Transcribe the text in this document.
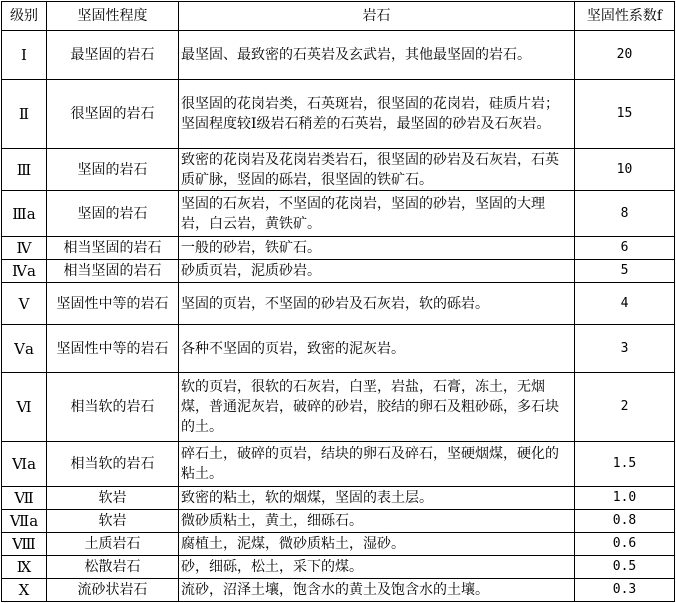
级别	坚固性程度	岩石	坚固性系数f
Ⅰ	最坚固的岩石	最坚固、最致密的石英岩及玄武岩，其他最坚固的岩石。	20
Ⅱ	很坚固的岩石	很坚固的花岗岩类，石英斑岩，很坚固的花岗岩，硅质片岩；坚固程度较Ⅰ级岩石稍差的石英岩，最坚固的砂岩及石灰岩。	15
Ⅲ	坚固的岩石	致密的花岗岩及花岗岩类岩石，很坚固的砂岩及石灰岩，石英质矿脉，竖固的砾岩，很坚固的铁矿石。	10
Ⅲa	坚固的岩石	坚固的石灰岩，不坚固的花岗岩，坚固的砂岩，坚固的大理岩，白云岩，黄铁矿。	8
Ⅳ	相当坚固的岩石	一般的砂岩，铁矿石。	6
Ⅳa	相当坚固的岩石	砂质页岩，泥质砂岩。	5
Ⅴ	坚固性中等的岩石	坚固的页岩，不坚固的砂岩及石灰岩，软的砾岩。	4
Ⅴa	坚固性中等的岩石	各种不坚固的页岩，致密的泥灰岩。	3
Ⅵ	相当软的岩石	软的页岩，很软的石灰岩，白垩，岩盐，石膏，冻土，无烟煤，普通泥灰岩，破碎的砂岩，胶结的卵石及粗砂砾，多石块的土。	2
Ⅵa	相当软的岩石	碎石土，破碎的页岩，结块的卵石及碎石，坚硬烟煤，硬化的粘土。	1.5
Ⅶ	软岩	致密的粘土，软的烟煤，坚固的表土层。	1.0
Ⅶa	软岩	微砂质粘土，黄土，细砾石。	0.8
Ⅷ	土质岩石	腐植土，泥煤，微砂质粘土，湿砂。	0.6
Ⅸ	松散岩石	砂，细砾，松土，采下的煤。	0.5
Ⅹ	流砂状岩石	流砂，沼泽土壤，饱含水的黄土及饱含水的土壤。	0.3
